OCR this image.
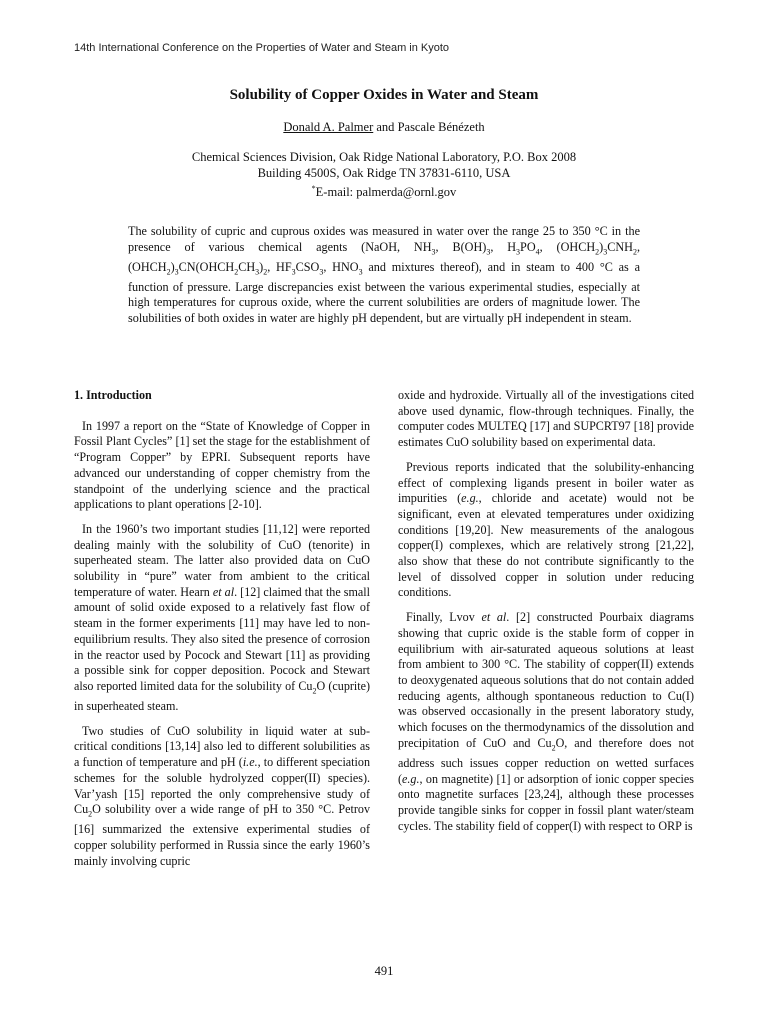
14th International Conference on the Properties of Water and Steam in Kyoto
Solubility of Copper Oxides in Water and Steam
Donald A. Palmer and Pascale Bénézeth
Chemical Sciences Division, Oak Ridge National Laboratory, P.O. Box 2008
Building 4500S, Oak Ridge TN 37831-6110, USA
*E-mail: palmerda@ornl.gov
The solubility of cupric and cuprous oxides was measured in water over the range 25 to 350 °C in the presence of various chemical agents (NaOH, $NH_3$, $B(OH)_3$, $H_3PO_4$, $(OHCH_2)_3CNH_2$, $(OHCH_2)_3CN(OHCH_2CH_3)_2$, $HF_3CSO_3$, $HNO_3$ and mixtures thereof), and in steam to 400 °C as a function of pressure. Large discrepancies exist between the various experimental studies, especially at high temperatures for cuprous oxide, where the current solubilities are orders of magnitude lower. The solubilities of both oxides in water are highly pH dependent, but are virtually pH independent in steam.
1. Introduction

In 1997 a report on the “State of Knowledge of Copper in Fossil Plant Cycles” [1] set the stage for the establishment of “Program Copper” by EPRI. Subsequent reports have advanced our understanding of copper chemistry from the standpoint of the underlying science and the practical applications to plant operations [2-10].

In the 1960’s two important studies [11,12] were reported dealing mainly with the solubility of CuO (tenorite) in superheated steam. The latter also provided data on CuO solubility in “pure” water from ambient to the critical temperature of water. Hearn et al. [12] claimed that the small amount of solid oxide exposed to a relatively fast flow of steam in the former experiments [11] may have led to non-equilibrium results. They also sited the presence of corrosion in the reactor used by Pocock and Stewart [11] as providing a possible sink for copper deposition. Pocock and Stewart also reported limited data for the solubility of $Cu_2O$ (cuprite) in superheated steam.

Two studies of CuO solubility in liquid water at sub-critical conditions [13,14] also led to different solubilities as a function of temperature and pH (i.e., to different speciation schemes for the soluble hydrolyzed copper(II) species). Var’yash [15] reported the only comprehensive study of $Cu_2O$ solubility over a wide range of pH to 350 °C. Petrov [16] summarized the extensive experimental studies of copper solubility performed in Russia since the early 1960’s mainly involving cupric

oxide and hydroxide. Virtually all of the investigations cited above used dynamic, flow-through techniques. Finally, the computer codes MULTEQ [17] and SUPCRT97 [18] provide estimates CuO solubility based on experimental data.

Previous reports indicated that the solubility-enhancing effect of complexing ligands present in boiler water as impurities (e.g., chloride and acetate) would not be significant, even at elevated temperatures under oxidizing conditions [19,20]. New measurements of the analogous copper(I) complexes, which are relatively strong [21,22], also show that these do not contribute significantly to the level of dissolved copper in solution under reducing conditions.

Finally, Lvov et al. [2] constructed Pourbaix diagrams showing that cupric oxide is the stable form of copper in equilibrium with air-saturated aqueous solutions at least from ambient to 300 °C. The stability of copper(II) extends to deoxygenated aqueous solutions that do not contain added reducing agents, although spontaneous reduction to Cu(I) was observed occasionally in the present laboratory study, which focuses on the thermodynamics of the dissolution and precipitation of CuO and $Cu_2O$, and therefore does not address such issues copper reduction on wetted surfaces (e.g., on magnetite) [1] or adsorption of ionic copper species onto magnetite surfaces [23,24], although these processes provide tangible sinks for copper in fossil plant water/steam cycles. The stability field of copper(I) with respect to ORP is

491
